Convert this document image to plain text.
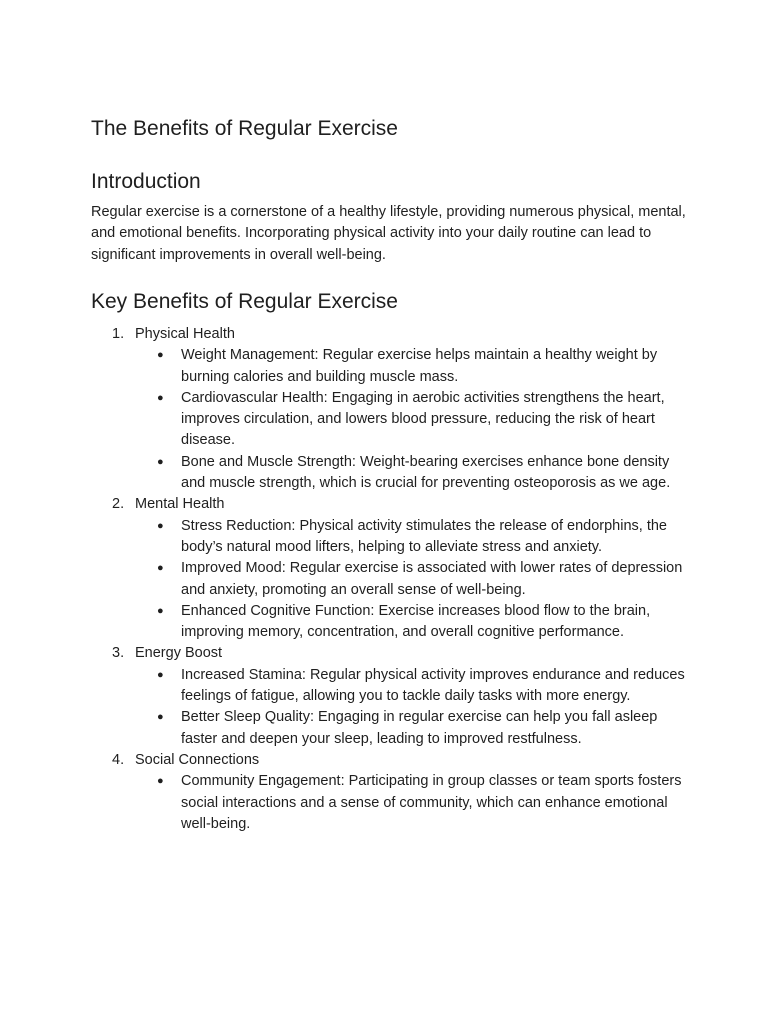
The Benefits of Regular Exercise
Introduction

Regular exercise is a cornerstone of a healthy lifestyle, providing numerous physical, mental, and emotional benefits. Incorporating physical activity into your daily routine can lead to significant improvements in overall well-being.

Key Benefits of Regular Exercise
1. Physical Health
● Weight Management: Regular exercise helps maintain a healthy weight by burning calories and building muscle mass.
● Cardiovascular Health: Engaging in aerobic activities strengthens the heart, improves circulation, and lowers blood pressure, reducing the risk of heart disease.
● Bone and Muscle Strength: Weight-bearing exercises enhance bone density and muscle strength, which is crucial for preventing osteoporosis as we age.
2. Mental Health
● Stress Reduction: Physical activity stimulates the release of endorphins, the body’s natural mood lifters, helping to alleviate stress and anxiety.
● Improved Mood: Regular exercise is associated with lower rates of depression and anxiety, promoting an overall sense of well-being.
● Enhanced Cognitive Function: Exercise increases blood flow to the brain, improving memory, concentration, and overall cognitive performance.
3. Energy Boost
● Increased Stamina: Regular physical activity improves endurance and reduces feelings of fatigue, allowing you to tackle daily tasks with more energy.
● Better Sleep Quality: Engaging in regular exercise can help you fall asleep faster and deepen your sleep, leading to improved restfulness.
4. Social Connections
● Community Engagement: Participating in group classes or team sports fosters social interactions and a sense of community, which can enhance emotional well-being.
